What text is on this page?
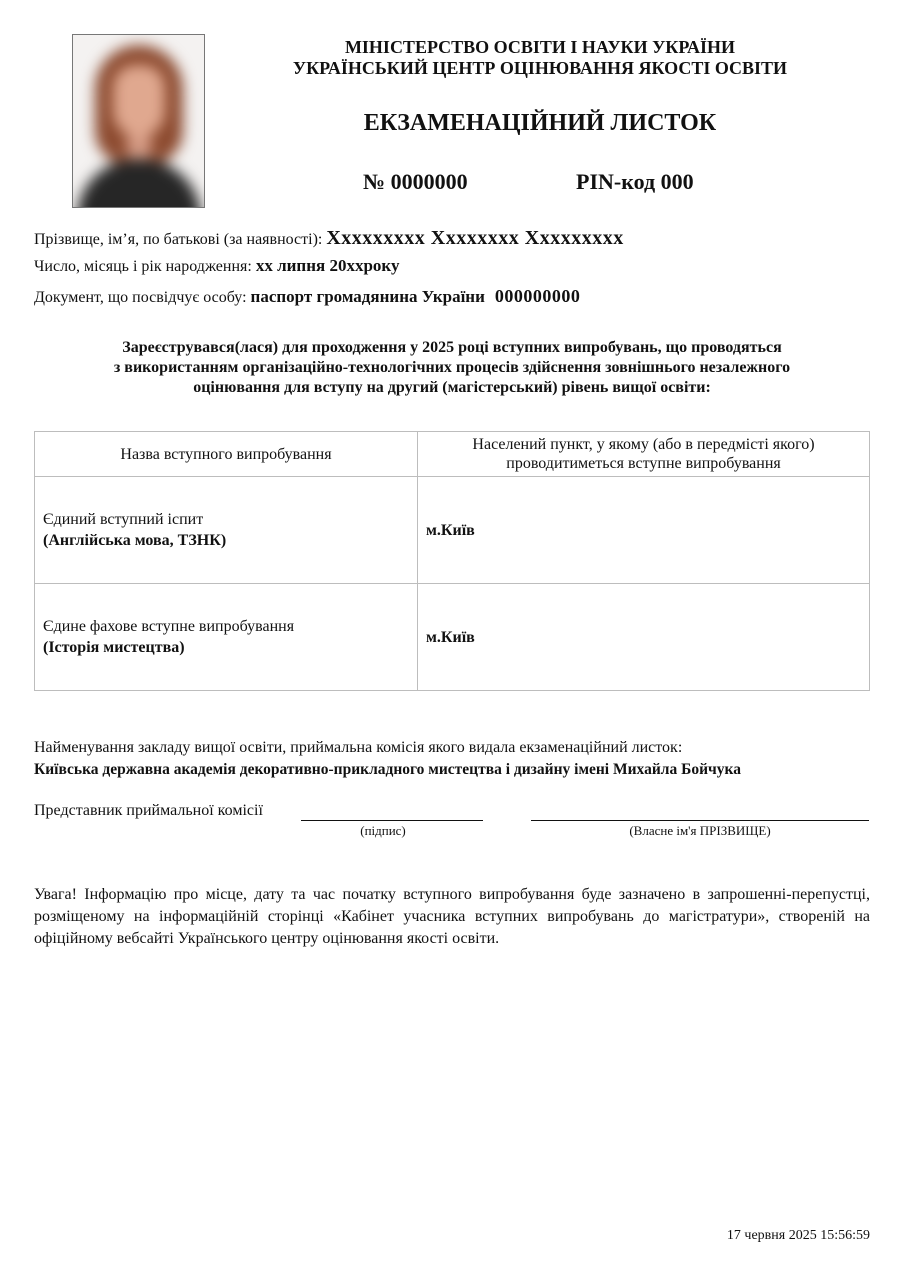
МІНІСТЕРСТВО ОСВІТИ І НАУКИ УКРАЇНИ
УКРАЇНСЬКИЙ ЦЕНТР ОЦІНЮВАННЯ ЯКОСТІ ОСВІТИ
ЕКЗАМЕНАЦІЙНИЙ ЛИСТОК
№ 0000000	PIN-код 000
Прізвище, ім’я, по батькові (за наявності): Xxxxxxxxx Xxxxxxxx Xxxxxxxxx
Число, місяць і рік народження: xx липня 20xxроку
Документ, що посвідчує особу: паспорт громадянина України 000000000
Зареєструвався(лася) для проходження у 2025 році вступних випробувань, що проводяться
з використанням організаційно-технологічних процесів здійснення зовнішнього незалежного
оцінювання для вступу на другий (магістерський) рівень вищої освіти:
Назва вступного випробування	Населений пункт, у якому (або в передмісті якого)
проводитиметься вступне випробування

Єдиний вступний іспит
(Англійська мова, ТЗНК)	м.Київ

Єдине фахове вступне випробування
(Історія мистецтва)	м.Київ
Найменування закладу вищої освіти, приймальна комісія якого видала екзаменаційний листок:
Київська державна академія декоративно-прикладного мистецтва і дизайну імені Михайла Бойчука
Представник приймальної комісії
(підпис)	(Власне ім'я ПРІЗВИЩЕ)
Увага! Інформацію про місце, дату та час початку вступного випробування буде зазначено в запрошенні-перепустці, розміщеному на інформаційній сторінці «Кабінет учасника вступних випробувань до магістратури», створеній на офіційному вебсайті Українського центру оцінювання якості освіти.
17 червня 2025 15:56:59
